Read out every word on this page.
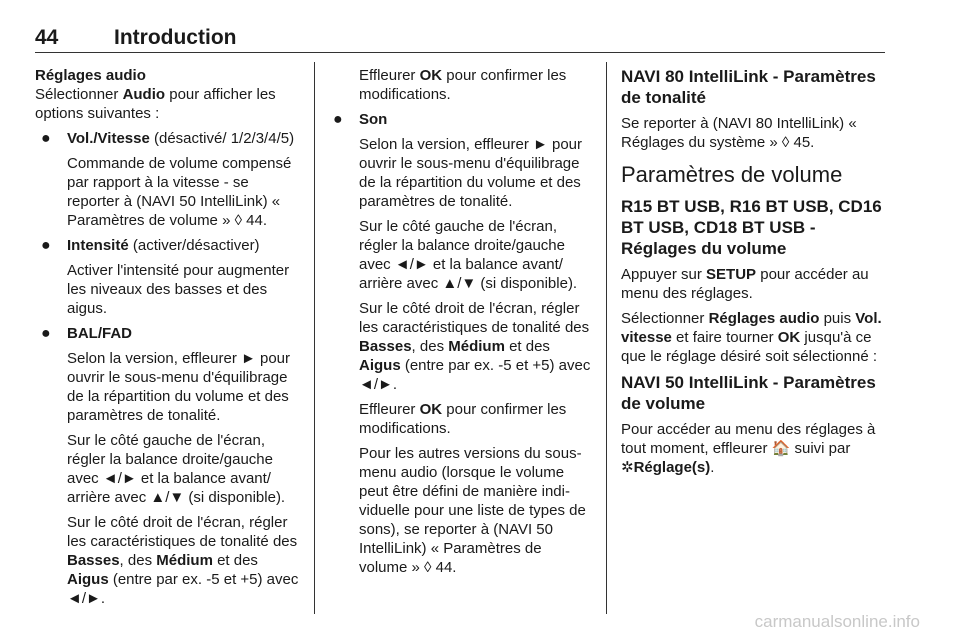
44	Introduction

Réglages audio

Sélectionner Audio pour afficher les options suivantes :

● Vol./Vitesse (désactivé/ 1/2/3/4/5)

Commande de volume compensé par rapport à la vitesse - se reporter à (NAVI 50 IntelliLink) « Paramètres de volume » ◊ 44.

● Intensité (activer/désactiver)

Activer l'intensité pour augmenter les niveaux des basses et des aigus.

● BAL/FAD

Selon la version, effleurer ► pour ouvrir le sous-menu d'équilibrage de la répartition du volume et des paramètres de tonalité.

Sur le côté gauche de l'écran, régler la balance droite/gauche avec ◄/► et la balance avant/ arrière avec ▲/▼ (si disponible).

Sur le côté droit de l'écran, régler les caractéristiques de tonalité des Basses, des Médium et des Aigus (entre par ex. -5 et +5) avec ◄/►.

Effleurer OK pour confirmer les modifications.

● Son

Selon la version, effleurer ► pour ouvrir le sous-menu d'équilibrage de la répartition du volume et des paramètres de tonalité.

Sur le côté gauche de l'écran, régler la balance droite/gauche avec ◄/► et la balance avant/ arrière avec ▲/▼ (si disponible).

Sur le côté droit de l'écran, régler les caractéristiques de tonalité des Basses, des Médium et des Aigus (entre par ex. -5 et +5) avec ◄/►.

Effleurer OK pour confirmer les modifications.

Pour les autres versions du sous-menu audio (lorsque le volume peut être défini de manière individuelle pour une liste de types de sons), se reporter à (NAVI 50 IntelliLink) « Paramètres de volume » ◊ 44.

NAVI 80 IntelliLink - Paramètres de tonalité

Se reporter à (NAVI 80 IntelliLink) « Réglages du système » ◊ 45.

Paramètres de volume
R15 BT USB, R16 BT USB, CD16 BT USB, CD18 BT USB - Réglages du volume

Appuyer sur SETUP pour accéder au menu des réglages.

Sélectionner Réglages audio puis Vol. vitesse et faire tourner OK jusqu'à ce que le réglage désiré soit sélectionné :

NAVI 50 IntelliLink - Paramètres de volume

Pour accéder au menu des réglages à tout moment, effleurer 🏠 suivi par ✲Réglage(s).

carmanualsonline.info
